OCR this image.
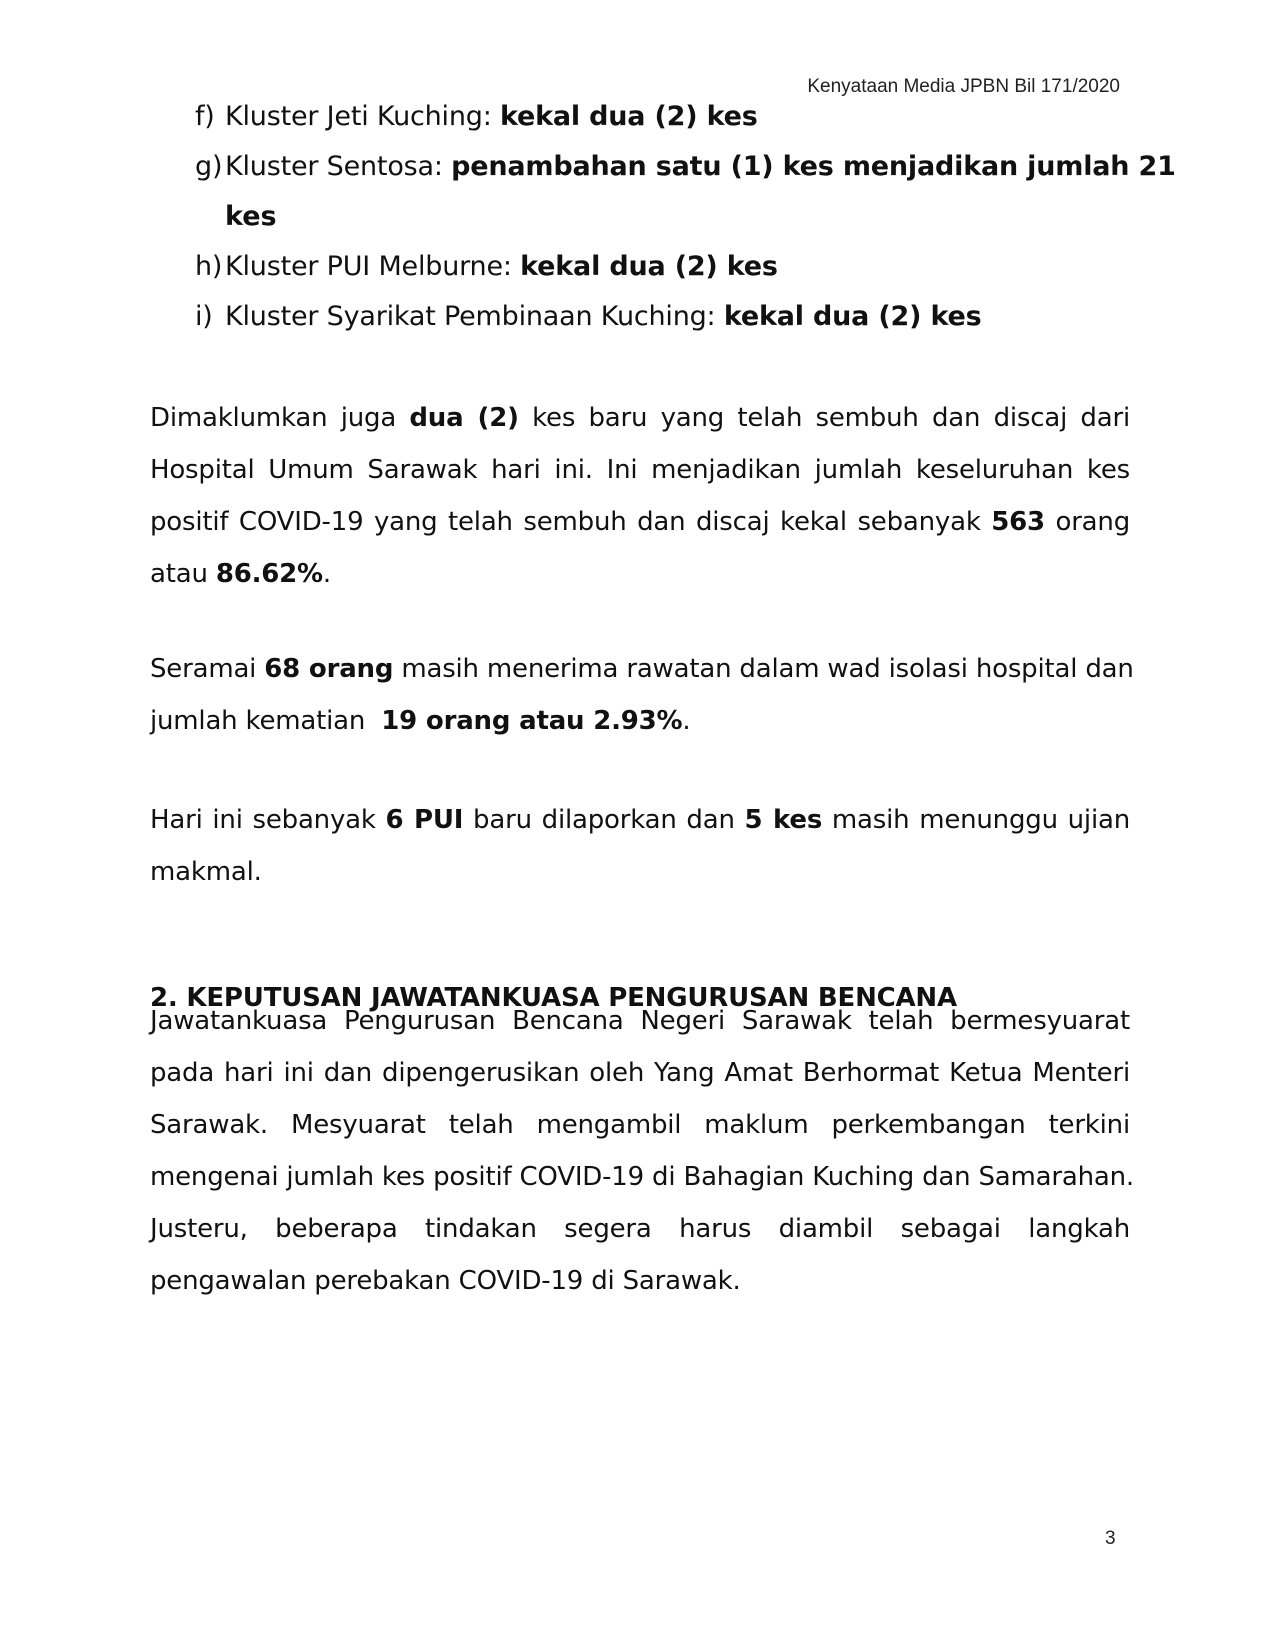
Kenyataan Media JPBN Bil 171/2020
f) Kluster Jeti Kuching: kekal dua (2) kes
g) Kluster Sentosa: penambahan satu (1) kes menjadikan jumlah 21
kes
h) Kluster PUI Melburne: kekal dua (2) kes
i) Kluster Syarikat Pembinaan Kuching: kekal dua (2) kes
Dimaklumkan juga dua (2) kes baru yang telah sembuh dan discaj dari
Hospital Umum Sarawak hari ini. Ini menjadikan jumlah keseluruhan kes
positif COVID-19 yang telah sembuh dan discaj kekal sebanyak 563 orang
atau 86.62%.
Seramai 68 orang masih menerima rawatan dalam wad isolasi hospital dan
jumlah kematian  19 orang atau 2.93%.
Hari ini sebanyak 6 PUI baru dilaporkan dan 5 kes masih menunggu ujian
makmal.
2. KEPUTUSAN JAWATANKUASA PENGURUSAN BENCANA
Jawatankuasa Pengurusan Bencana Negeri Sarawak telah bermesyuarat
pada hari ini dan dipengerusikan oleh Yang Amat Berhormat Ketua Menteri
Sarawak. Mesyuarat telah mengambil maklum perkembangan terkini
mengenai jumlah kes positif COVID-19 di Bahagian Kuching dan Samarahan.
Justeru, beberapa tindakan segera harus diambil sebagai langkah
pengawalan perebakan COVID-19 di Sarawak.
3
